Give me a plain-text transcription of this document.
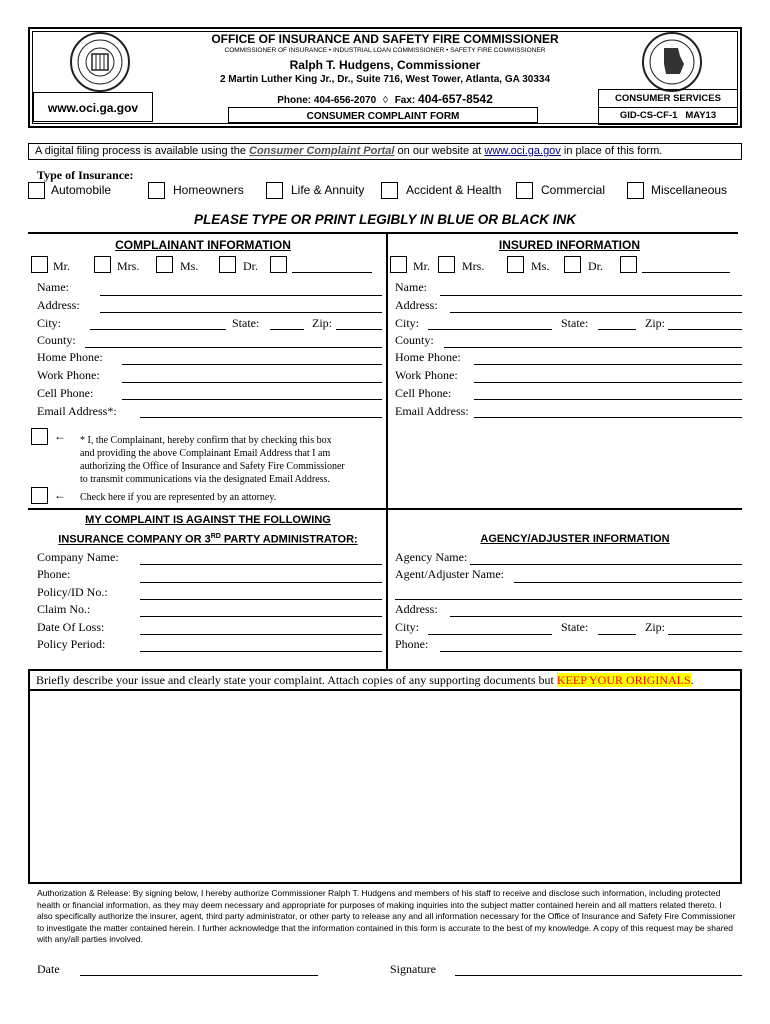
OFFICE OF INSURANCE AND SAFETY FIRE COMMISSIONER
COMMISSIONER OF INSURANCE • INDUSTRIAL LOAN COMMISSIONER • SAFETY FIRE COMMISSIONER
Ralph T. Hudgens, Commissioner
2 Martin Luther King Jr., Dr., Suite 716, West Tower, Atlanta, GA 30334
Phone: 404-656-2070 ◊ Fax: 404-657-8542
www.oci.ga.gov
CONSUMER COMPLAINT FORM
CONSUMER SERVICES
GID-CS-CF-1   MAY13
A digital filing process is available using the Consumer Complaint Portal on our website at www.oci.ga.gov in place of this form.
Type of Insurance:
Automobile	Homeowners	Life & Annuity	Accident & Health	Commercial	Miscellaneous
PLEASE TYPE OR PRINT LEGIBLY IN BLUE OR BLACK INK
COMPLAINANT INFORMATION
Mr.	Mrs.	Ms.	Dr.
Name:
Address:
City:	State:	Zip:
County:
Home Phone:
Work Phone:
Cell Phone:
Email Address*:
← * I, the Complainant, hereby confirm that by checking this box
and providing the above Complainant Email Address that I am
authorizing the Office of Insurance and Safety Fire Commissioner
to transmit communications via the designated Email Address.
← Check here if you are represented by an attorney.
INSURED INFORMATION
Mr.	Mrs.	Ms.	Dr.
Name:
Address:
City:	State:	Zip:
County:
Home Phone:
Work Phone:
Cell Phone:
Email Address:
MY COMPLAINT IS AGAINST THE FOLLOWING
INSURANCE COMPANY OR 3RD PARTY ADMINISTRATOR:
Company Name:
Phone:
Policy/ID No.:
Claim No.:
Date Of Loss:
Policy Period:
AGENCY/ADJUSTER INFORMATION
Agency Name:
Agent/Adjuster Name:
Address:
City:	State:	Zip:
Phone:
Briefly describe your issue and clearly state your complaint. Attach copies of any supporting documents but KEEP YOUR ORIGINALS.
Authorization & Release: By signing below, I hereby authorize Commissioner Ralph T. Hudgens and members of his staff to receive and disclose such information, including protected health or financial information, as they may deem necessary and appropriate for purposes of making inquiries into the subject matter contained herein and all matters related thereto. I also specifically authorize the insurer, agent, third party administrator, or other party to release any and all information necessary for the Office of Insurance and Safety Fire Commissioner to investigate the matter contained herein. I further acknowledge that the information contained in this form is accurate to the best of my knowledge. A copy of this request may be shared with any/all parties involved.
Date	Signature
